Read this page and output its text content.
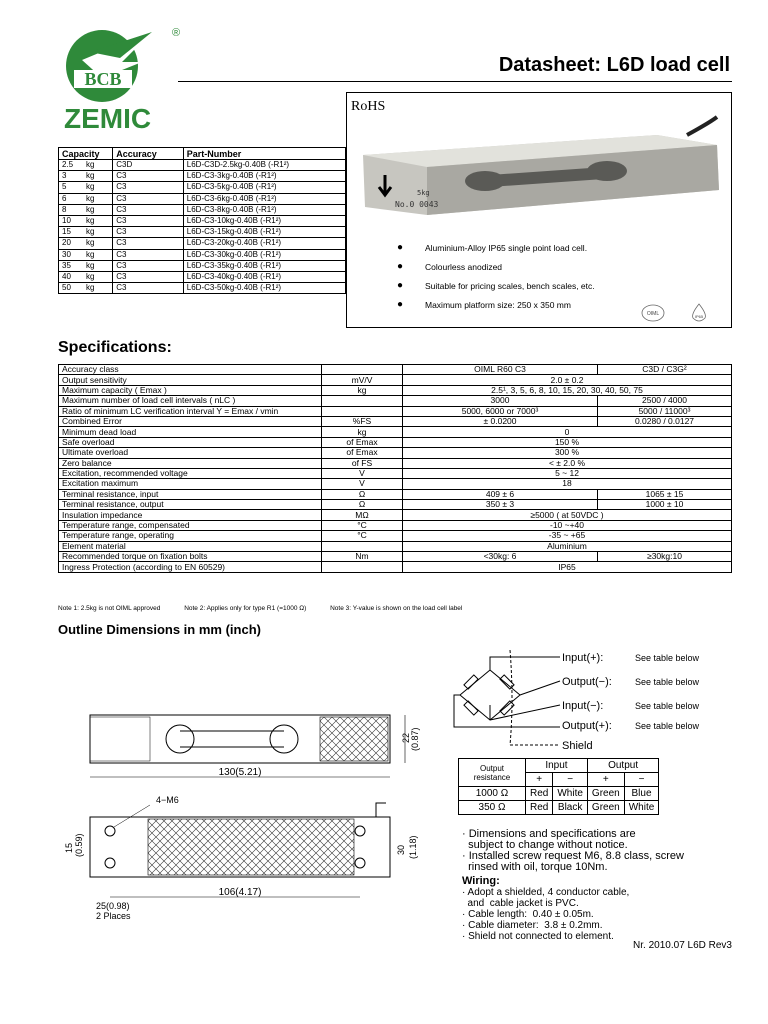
BCB
®
ZEMIC
Datasheet: L6D load cell
Capacity		Accuracy	Part-Number
2.5	kg	C3D	L6D-C3D-2.5kg-0.40B (-R1²)
3	kg	C3	L6D-C3-3kg-0.40B (-R1²)
5	kg	C3	L6D-C3-5kg-0.40B (-R1²)
6	kg	C3	L6D-C3-6kg-0.40B (-R1²)
8	kg	C3	L6D-C3-8kg-0.40B (-R1²)
10	kg	C3	L6D-C3-10kg-0.40B (-R1²)
15	kg	C3	L6D-C3-15kg-0.40B (-R1²)
20	kg	C3	L6D-C3-20kg-0.40B (-R1²)
30	kg	C3	L6D-C3-30kg-0.40B (-R1²)
35	kg	C3	L6D-C3-35kg-0.40B (-R1²)
40	kg	C3	L6D-C3-40kg-0.40B (-R1²)
50	kg	C3	L6D-C3-50kg-0.40B (-R1²)
RoHS
5kg
No.0 0043
●	Aluminium-Alloy IP65 single point load cell.
●	Colourless anodized
●	Suitable for pricing scales, bench scales, etc.
●	Maximum platform size: 250 x 350 mm
OIML	IP65
Specifications:
Accuracy class		OIML R60 C3	C3D / C3G²
Output sensitivity	mV/V	2.0 ± 0.2	
Maximum capacity ( Emax )	kg	2.5¹, 3, 5, 6, 8, 10, 15, 20, 30, 40, 50, 75	
Maximum number of load cell intervals ( nLC )		3000	2500 / 4000
Ratio of minimum LC verification interval Y = Emax / vmin		5000, 6000 or 7000³	5000 / 11000³
Combined Error	%FS	± 0.0200	0.0280 / 0.0127
Minimum dead load	kg	0	
Safe overload	of Emax	150 %	
Ultimate overload	of Emax	300 %	
Zero balance	of FS	< ± 2.0 %	
Excitation, recommended voltage	V	5 ~ 12	
Excitation maximum	V	18	
Terminal resistance, input	Ω	409 ± 6	1065 ± 15
Terminal resistance, output	Ω	350 ± 3	1000 ± 10
Insulation impedance	MΩ	≥5000 ( at 50VDC )	
Temperature range, compensated	°C	-10 ~+40	
Temperature range, operating	°C	-35 ~ +65	
Element material		Aluminium	
Recommended torque on fixation bolts	Nm	<30kg: 6	≥30kg:10
Ingress Protection (according to EN 60529)		IP65	
Note 1: 2.5kg is not OIML approved	Note 2: Applies only for type R1 (=1000 Ω)	Note 3: Y-value is shown on the load cell label
Outline Dimensions in mm (inch)
130(5.21)
22 (0.87)
4−M6
15 (0.59)	30 (1.18)
106(4.17)
25(0.98)
2 Places
Input(+):	See table below
Output(−):	See table below
Input(−):	See table below
Output(+):	See table below
Shield
Output resistance	Input		Output	
	+	−	+	−
1000 Ω	Red	White	Green	Blue
350 Ω	Red	Black	Green	White

· Dimensions and specifications are
subject to change without notice.
· Installed screw request M6, 8.8 class, screw
rinsed with oil, torque 10Nm.
Wiring:
· Adopt a shielded, 4 conductor cable,
and  cable jacket is PVC.
· Cable length:  0.40 ± 0.05m.
· Cable diameter:  3.8 ± 0.2mm.
· Shield not connected to element.

Nr. 2010.07 L6D Rev3
